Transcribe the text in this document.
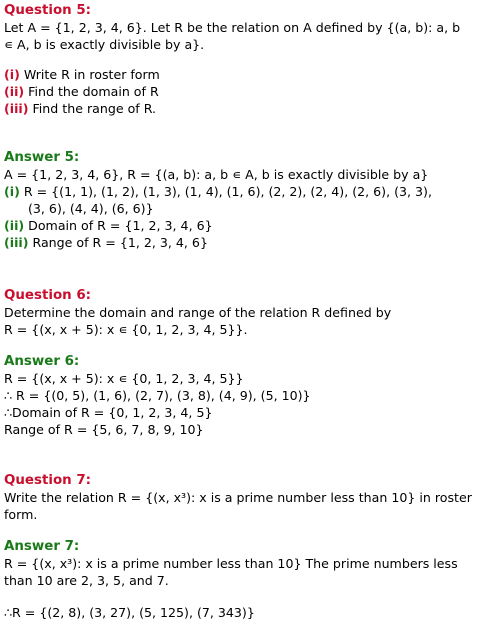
Question 5:
Let A = {1, 2, 3, 4, 6}. Let R be the relation on A defined by {(a, b): a, b
∊ A, b is exactly divisible by a}.
(i) Write R in roster form
(ii) Find the domain of R
(iii) Find the range of R.
Answer 5:
A = {1, 2, 3, 4, 6}, R = {(a, b): a, b ∊ A, b is exactly divisible by a}
(i) R = {(1, 1), (1, 2), (1, 3), (1, 4), (1, 6), (2, 2), (2, 4), (2, 6), (3, 3),
(3, 6), (4, 4), (6, 6)}
(ii) Domain of R = {1, 2, 3, 4, 6}
(iii) Range of R = {1, 2, 3, 4, 6}
Question 6:
Determine the domain and range of the relation R defined by
R = {(x, x + 5): x ∊ {0, 1, 2, 3, 4, 5}}.
Answer 6:
R = {(x, x + 5): x ∊ {0, 1, 2, 3, 4, 5}}
∴ R = {(0, 5), (1, 6), (2, 7), (3, 8), (4, 9), (5, 10)}
∴Domain of R = {0, 1, 2, 3, 4, 5}
Range of R = {5, 6, 7, 8, 9, 10}
Question 7:
Write the relation R = {(x, x³): x is a prime number less than 10} in roster
form.
Answer 7:
R = {(x, x³): x is a prime number less than 10} The prime numbers less
than 10 are 2, 3, 5, and 7.
∴R = {(2, 8), (3, 27), (5, 125), (7, 343)}
